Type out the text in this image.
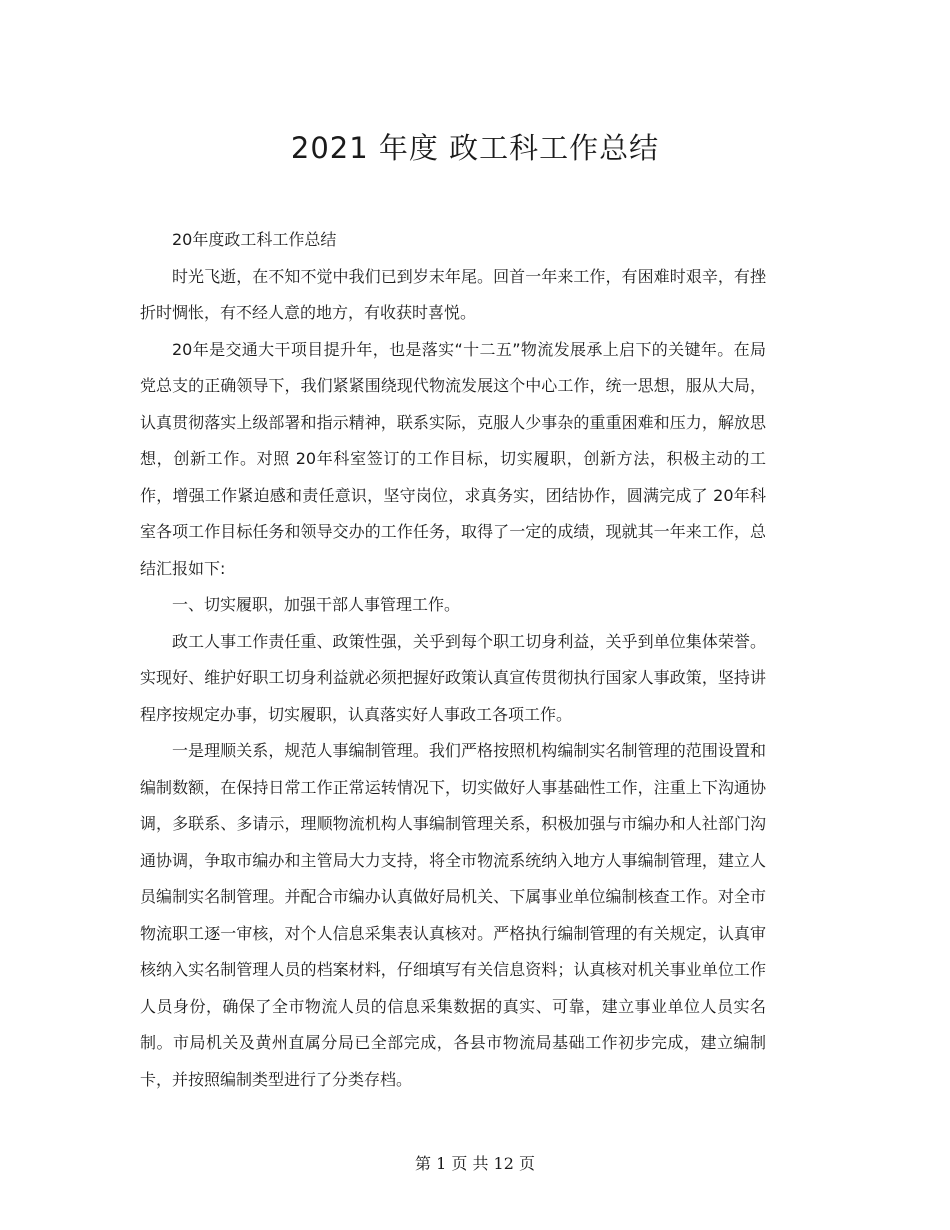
2021 年度 政工科工作总结

20年度政工科工作总结

时光飞逝，在不知不觉中我们已到岁末年尾。回首一年来工作，有困难时艰辛，有挫折时惆怅，有不经人意的地方，有收获时喜悦。

20年是交通大干项目提升年，也是落实“十二五”物流发展承上启下的关键年。在局党总支的正确领导下，我们紧紧围绕现代物流发展这个中心工作，统一思想，服从大局，认真贯彻落实上级部署和指示精神，联系实际，克服人少事杂的重重困难和压力，解放思想，创新工作。对照 20年科室签订的工作目标，切实履职，创新方法，积极主动的工作，增强工作紧迫感和责任意识，坚守岗位，求真务实，团结协作，圆满完成了 20年科室各项工作目标任务和领导交办的工作任务，取得了一定的成绩，现就其一年来工作，总结汇报如下:

一、切实履职，加强干部人事管理工作。

政工人事工作责任重、政策性强，关乎到每个职工切身利益，关乎到单位集体荣誉。实现好、维护好职工切身利益就必须把握好政策认真宣传贯彻执行国家人事政策，坚持讲程序按规定办事，切实履职，认真落实好人事政工各项工作。

一是理顺关系，规范人事编制管理。我们严格按照机构编制实名制管理的范围设置和编制数额，在保持日常工作正常运转情况下，切实做好人事基础性工作，注重上下沟通协调，多联系、多请示，理顺物流机构人事编制管理关系，积极加强与市编办和人社部门沟通协调，争取市编办和主管局大力支持，将全市物流系统纳入地方人事编制管理，建立人员编制实名制管理。并配合市编办认真做好局机关、下属事业单位编制核查工作。对全市物流职工逐一审核，对个人信息采集表认真核对。严格执行编制管理的有关规定，认真审核纳入实名制管理人员的档案材料，仔细填写有关信息资料；认真核对机关事业单位工作人员身份，确保了全市物流人员的信息采集数据的真实、可靠，建立事业单位人员实名制。市局机关及黄州直属分局已全部完成，各县市物流局基础工作初步完成，建立编制卡，并按照编制类型进行了分类存档。

第 1 页 共 12 页
